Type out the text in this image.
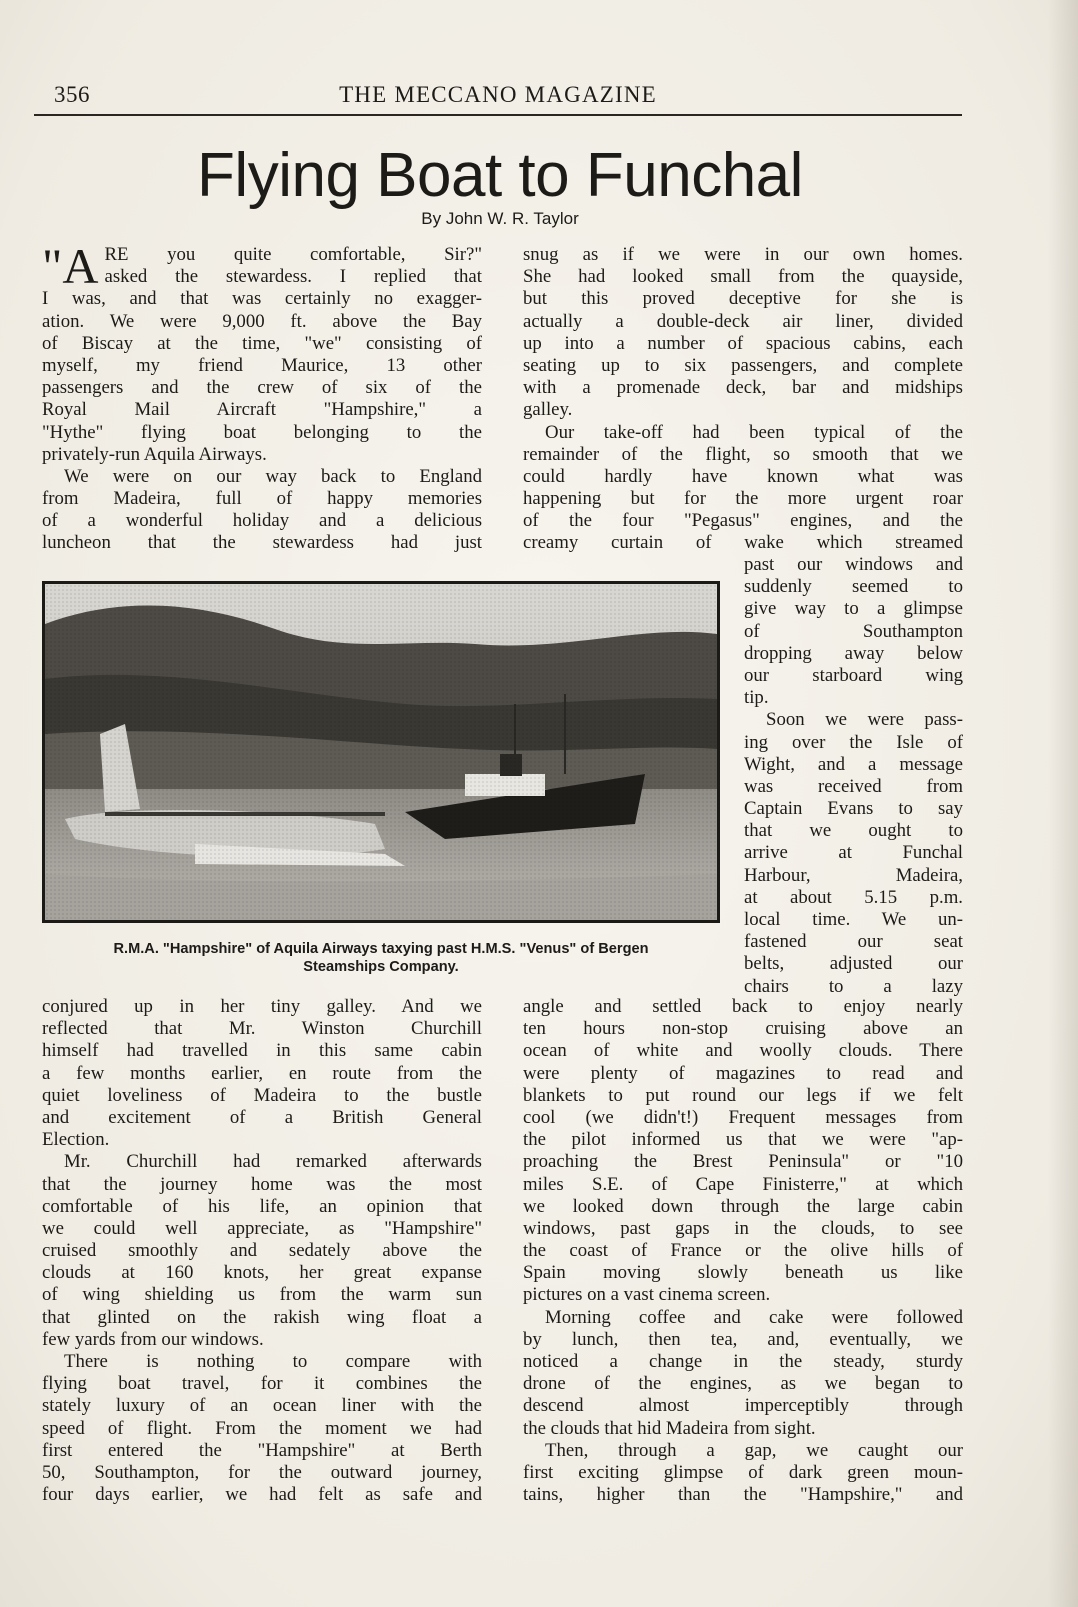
356	THE MECCANO MAGAZINE
Flying Boat to Funchal
By John W. R. Taylor
"A RE you quite comfortable, Sir?"
asked the stewardess. I replied that
I was, and that was certainly no exagger-
ation. We were 9,000 ft. above the Bay
of Biscay at the time, "we" consisting of
myself, my friend Maurice, 13 other
passengers and the crew of six of the
Royal Mail Aircraft "Hampshire," a
"Hythe" flying boat belonging to the
privately-run Aquila Airways.
We were on our way back to England
from Madeira, full of happy memories
of a wonderful holiday and a delicious
luncheon that the stewardess had just
snug as if we were in our own homes.
She had looked small from the quayside,
but this proved deceptive for she is
actually a double-deck air liner, divided
up into a number of spacious cabins, each
seating up to six passengers, and complete
with a promenade deck, bar and midships
galley.
Our take-off had been typical of the
remainder of the flight, so smooth that we
could hardly have known what was
happening but for the more urgent roar
of the four "Pegasus" engines, and the
creamy curtain of wake which streamed
R.M.A. "Hampshire" of Aquila Airways taxying past H.M.S. "Venus" of Bergen
Steamships Company.
past our windows and
suddenly seemed to
give way to a glimpse
of Southampton
dropping away below
our starboard wing
tip.
Soon we were pass-
ing over the Isle of
Wight, and a message
was received from
Captain Evans to say
that we ought to
arrive at Funchal
Harbour, Madeira,
at about 5.15 p.m.
local time. We un-
fastened our seat
belts, adjusted our
chairs to a lazy
conjured up in her tiny galley. And we
reflected that Mr. Winston Churchill
himself had travelled in this same cabin
a few months earlier, en route from the
quiet loveliness of Madeira to the bustle
and excitement of a British General
Election.
Mr. Churchill had remarked afterwards
that the journey home was the most
comfortable of his life, an opinion that
we could well appreciate, as "Hampshire"
cruised smoothly and sedately above the
clouds at 160 knots, her great expanse
of wing shielding us from the warm sun
that glinted on the rakish wing float a
few yards from our windows.
There is nothing to compare with
flying boat travel, for it combines the
stately luxury of an ocean liner with the
speed of flight. From the moment we had
first entered the "Hampshire" at Berth
50, Southampton, for the outward journey,
four days earlier, we had felt as safe and
angle and settled back to enjoy nearly
ten hours non-stop cruising above an
ocean of white and woolly clouds. There
were plenty of magazines to read and
blankets to put round our legs if we felt
cool (we didn't!) Frequent messages from
the pilot informed us that we were "ap-
proaching the Brest Peninsula" or "10
miles S.E. of Cape Finisterre," at which
we looked down through the large cabin
windows, past gaps in the clouds, to see
the coast of France or the olive hills of
Spain moving slowly beneath us like
pictures on a vast cinema screen.
Morning coffee and cake were followed
by lunch, then tea, and, eventually, we
noticed a change in the steady, sturdy
drone of the engines, as we began to
descend almost imperceptibly through
the clouds that hid Madeira from sight.
Then, through a gap, we caught our
first exciting glimpse of dark green moun-
tains, higher than the "Hampshire," and
